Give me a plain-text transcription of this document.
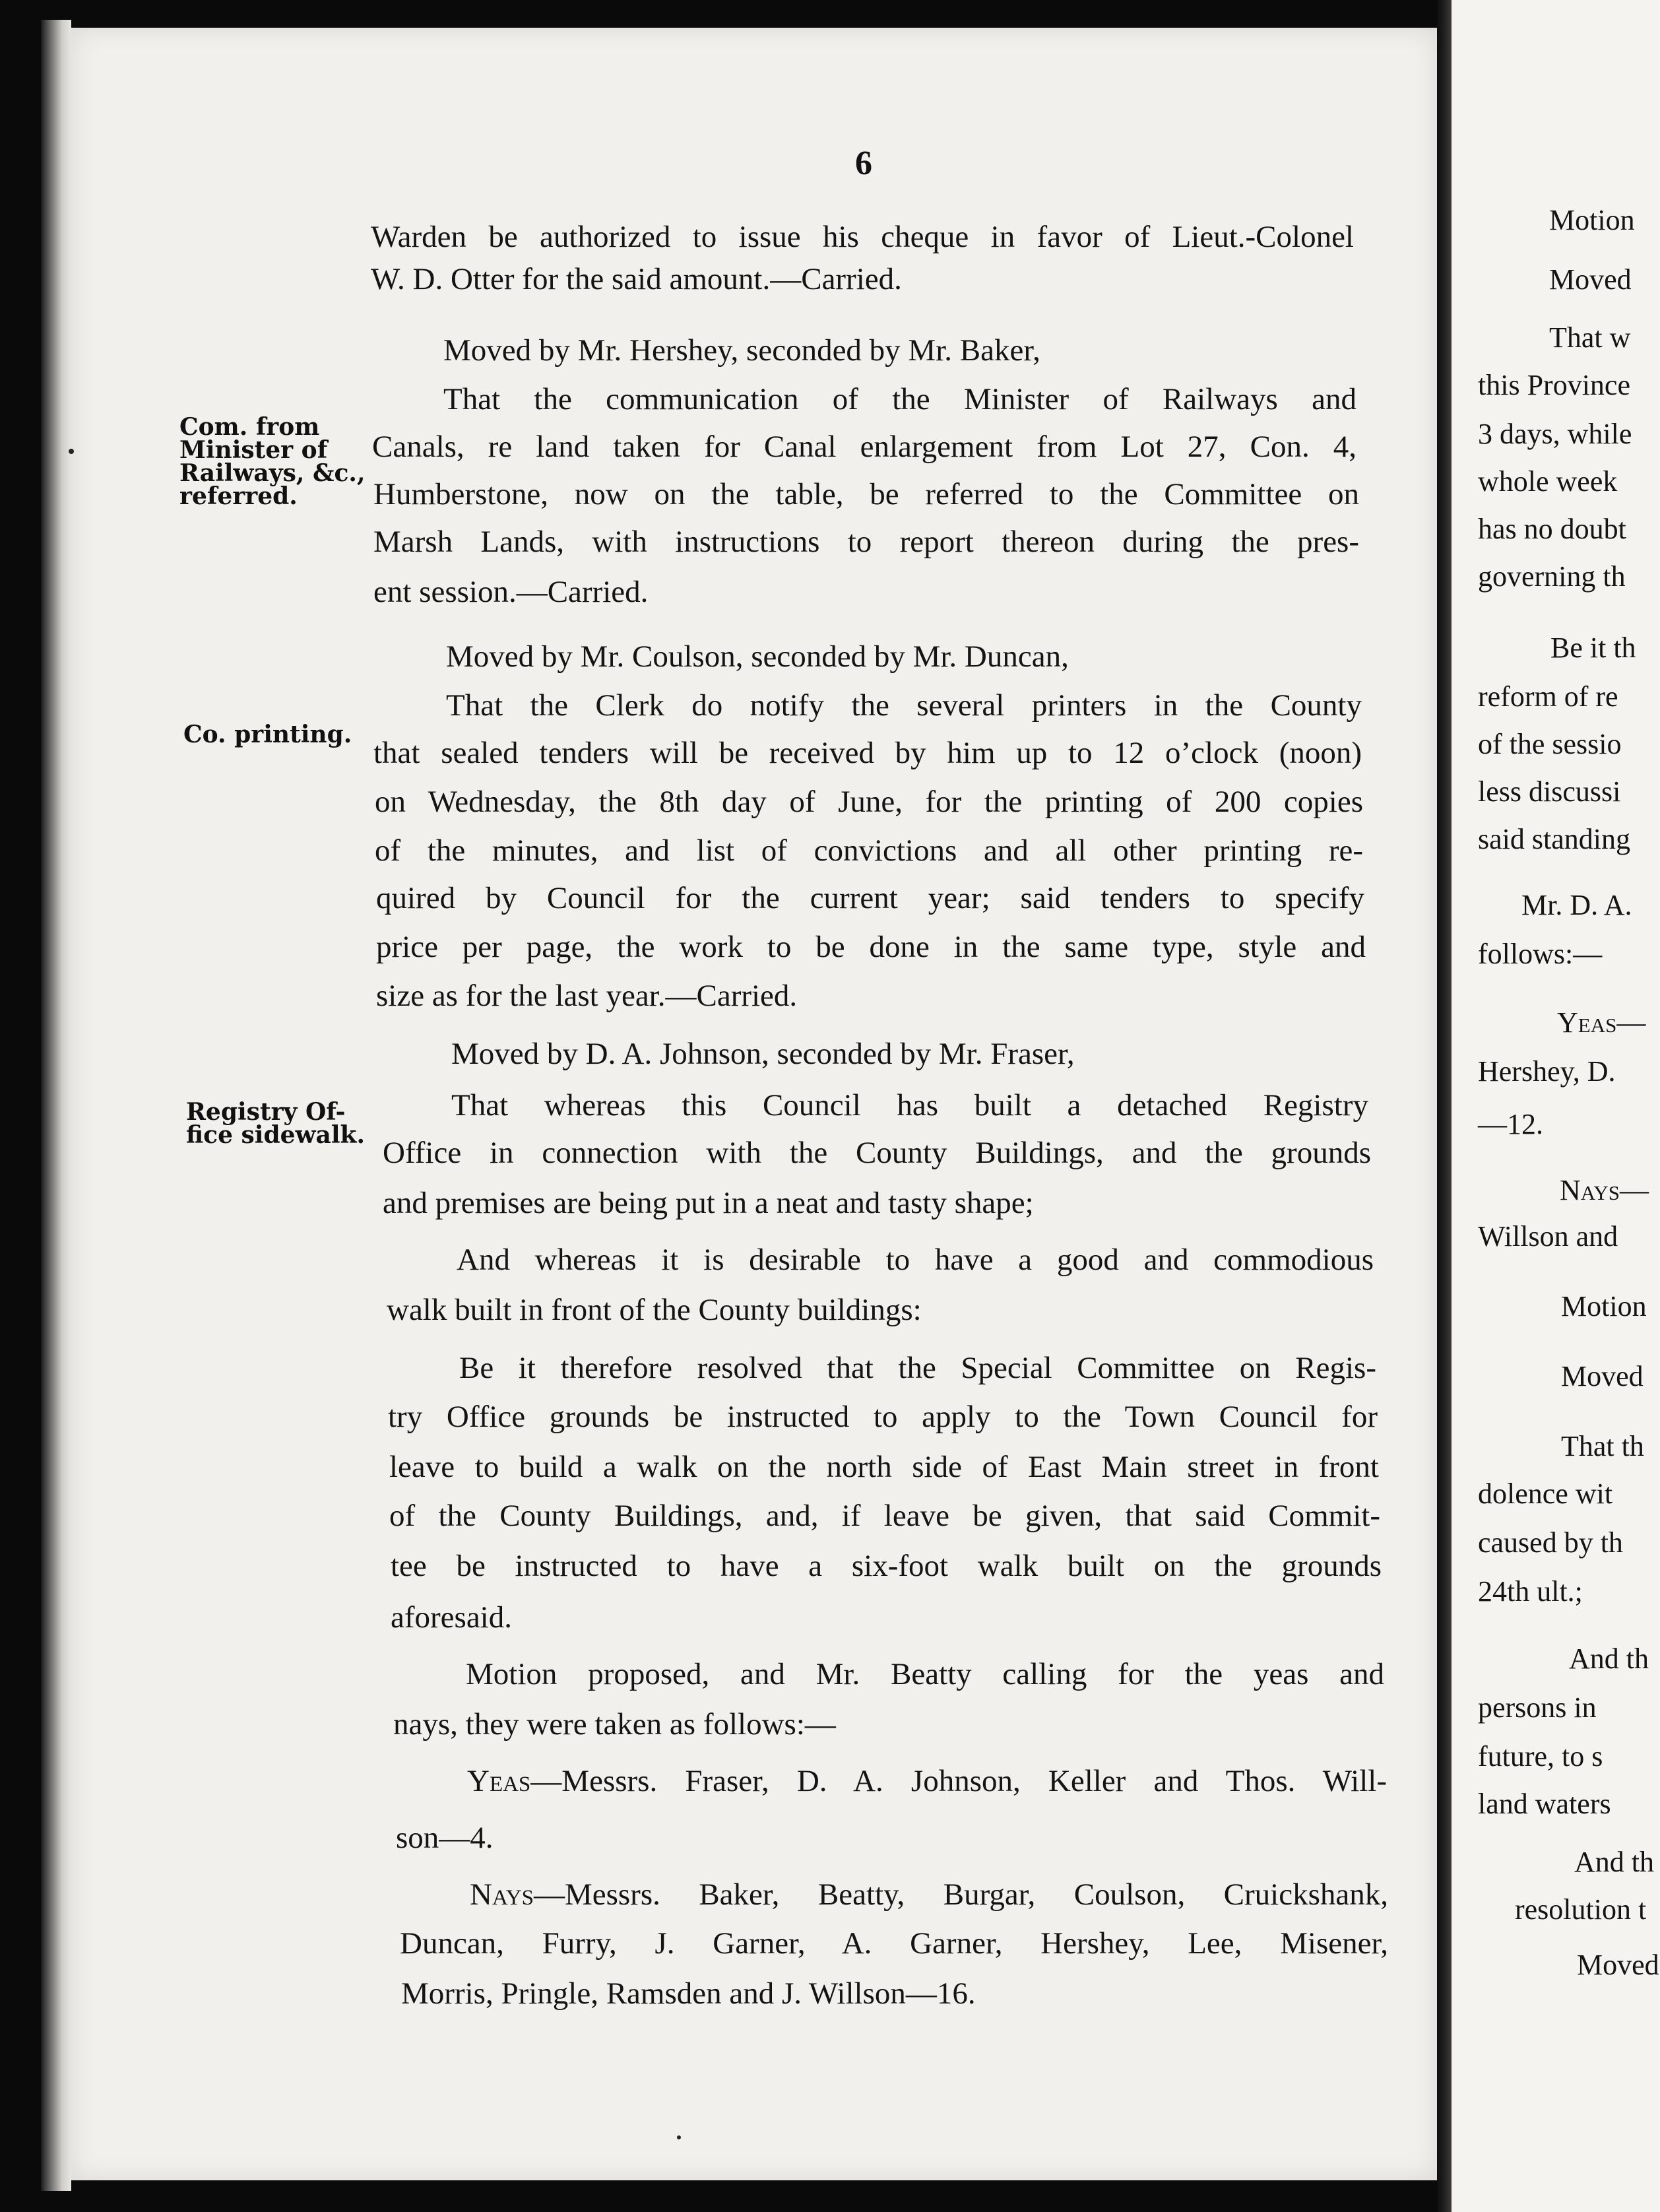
6
Com. from
Minister of
Railways, &c.,
referred.
Co. printing.
Registry Of-
fice sidewalk.
Warden be authorized to issue his cheque in favor of Lieut.-Colonel
W. D. Otter for the said amount.—Carried.
Moved by Mr. Hershey, seconded by Mr. Baker,
That the communication of the Minister of Railways and
Canals, re land taken for Canal enlargement from Lot 27, Con. 4,
Humberstone, now on the table, be referred to the Committee on
Marsh Lands, with instructions to report thereon during the pres-
ent session.—Carried.
Moved by Mr. Coulson, seconded by Mr. Duncan,
That the Clerk do notify the several printers in the County
that sealed tenders will be received by him up to 12 o’clock (noon)
on Wednesday, the 8th day of June, for the printing of 200 copies
of the minutes, and list of convictions and all other printing re-
quired by Council for the current year; said tenders to specify
price per page, the work to be done in the same type, style and
size as for the last year.—Carried.
Moved by D. A. Johnson, seconded by Mr. Fraser,
That whereas this Council has built a detached Registry
Office in connection with the County Buildings, and the grounds
and premises are being put in a neat and tasty shape;
And whereas it is desirable to have a good and commodious
walk built in front of the County buildings:
Be it therefore resolved that the Special Committee on Regis-
try Office grounds be instructed to apply to the Town Council for
leave to build a walk on the north side of East Main street in front
of the County Buildings, and, if leave be given, that said Commit-
tee be instructed to have a six-foot walk built on the grounds
aforesaid.
Motion proposed, and Mr. Beatty calling for the yeas and
nays, they were taken as follows:—
Yeas—Messrs. Fraser, D. A. Johnson, Keller and Thos. Will-
son—4.
Nays—Messrs. Baker, Beatty, Burgar, Coulson, Cruickshank,
Duncan, Furry, J. Garner, A. Garner, Hershey, Lee, Misener,
Morris, Pringle, Ramsden and J. Willson—16.
Motion
Moved
That w
this Province
3 days, while
whole week
has no doubt
governing th
Be it th
reform of re
of the sessio
less discussi
said standing
Mr. D. A.
follows:—
Yeas—
Hershey, D.
—12.
Nays—
Willson and
Motion
Moved
That th
dolence wit
caused by th
24th ult.;
And th
persons in
future, to s
land waters
And th
resolution t
Moved
